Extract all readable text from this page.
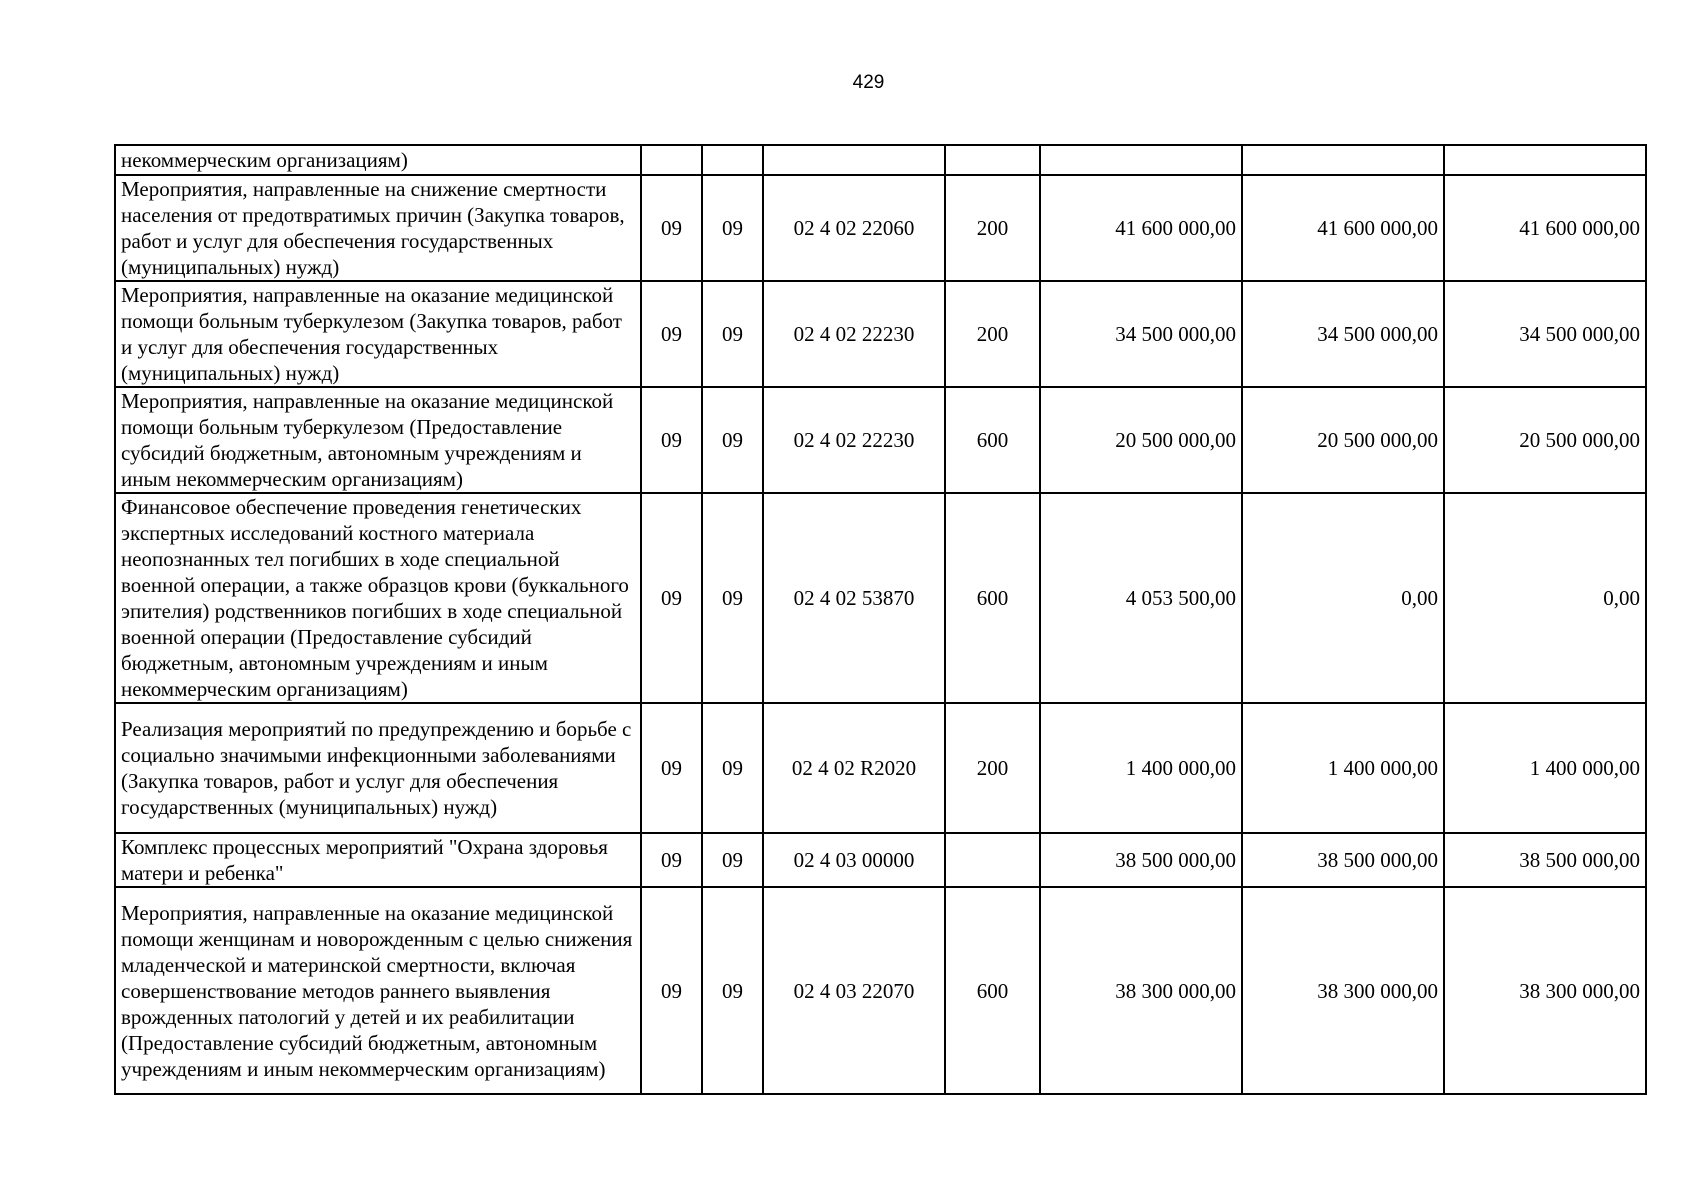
429
некоммерческим организациям)							
Мероприятия, направленные на снижение смертности населения от предотвратимых причин (Закупка товаров, работ и услуг для обеспечения государственных (муниципальных) нужд)	09	09	02 4 02 22060	200	41 600 000,00	41 600 000,00	41 600 000,00
Мероприятия, направленные на оказание медицинской помощи больным туберкулезом (Закупка товаров, работ и услуг для обеспечения государственных (муниципальных) нужд)	09	09	02 4 02 22230	200	34 500 000,00	34 500 000,00	34 500 000,00
Мероприятия, направленные на оказание медицинской помощи больным туберкулезом (Предоставление субсидий бюджетным, автономным учреждениям и иным некоммерческим организациям)	09	09	02 4 02 22230	600	20 500 000,00	20 500 000,00	20 500 000,00
Финансовое обеспечение проведения генетических экспертных исследований костного материала неопознанных тел погибших в ходе специальной военной операции, а также образцов крови (буккального эпителия) родственников погибших в ходе специальной военной операции (Предоставление субсидий бюджетным, автономным учреждениям и иным некоммерческим организациям)	09	09	02 4 02 53870	600	4 053 500,00	0,00	0,00
Реализация мероприятий по предупреждению и борьбе с социально значимыми инфекционными заболеваниями (Закупка товаров, работ и услуг для обеспечения государственных (муниципальных) нужд)	09	09	02 4 02 R2020	200	1 400 000,00	1 400 000,00	1 400 000,00
Комплекс процессных мероприятий "Охрана здоровья матери и ребенка"	09	09	02 4 03 00000		38 500 000,00	38 500 000,00	38 500 000,00
Мероприятия, направленные на оказание медицинской помощи женщинам и новорожденным с целью снижения младенческой и материнской смертности, включая совершенствование методов раннего выявления врожденных патологий у детей и их реабилитации (Предоставление субсидий бюджетным, автономным учреждениям и иным некоммерческим организациям)	09	09	02 4 03 22070	600	38 300 000,00	38 300 000,00	38 300 000,00
